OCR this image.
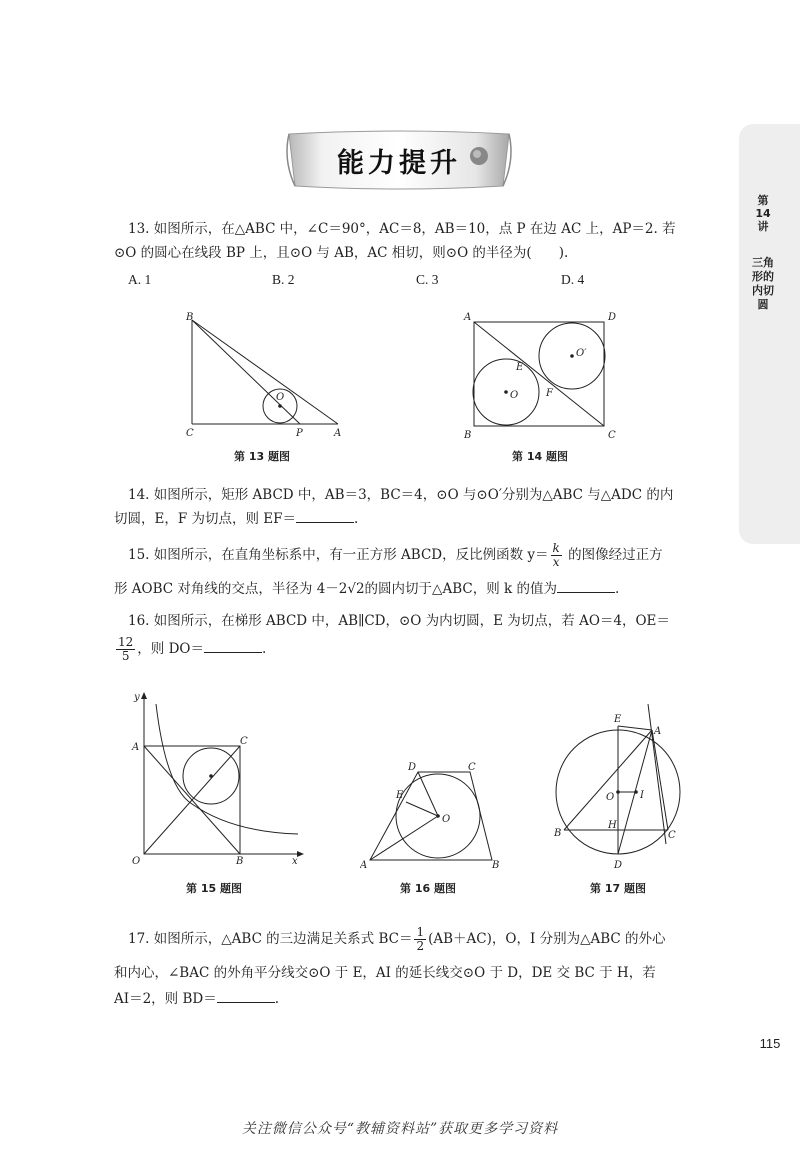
能力提升
第14讲
三角形的内切圆
13. 如图所示，在△ABC 中，∠C＝90°，AC＝8，AB＝10，点 P 在边 AC 上，AP＝2. 若
⊙O 的圆心在线段 BP 上，且⊙O 与 AB，AC 相切，则⊙O 的半径为(　　).
A. 1	B. 2	C. 3	D. 4
B
C	P	A
O
第 13 题图
A	D
B	C
E
F
O
O′
第 14 题图
14. 如图所示，矩形 ABCD 中，AB＝3，BC＝4，⊙O 与⊙O′分别为△ABC 与△ADC 的内
切圆，E，F 为切点，则 EF＝	.
15. 如图所示，在直角坐标系中，有一正方形 ABCD，反比例函数 $y= \frac{k}{x}$ 的图像经过正方
形 AOBC 对角线的交点，半径为 4－2√2的圆内切于△ABC，则 k 的值为	.
16. 如图所示，在梯形 ABCD 中，AB∥CD，⊙O 为内切圆，E 为切点，若 AO＝4，OE＝
$\frac{12}{5}$ ，则 DO＝	.
y
x
A
C
O	B
第 15 题图
D	C
E
O
A	B
第 16 题图
E
A
O	I
B
H
C
D
第 17 题图
17. 如图所示，△ABC 的三边满足关系式 $BC= \frac{1}{2} (AB+AC)$，O，I 分别为△ABC 的外心
和内心，∠BAC 的外角平分线交⊙O 于 E，AI 的延长线交⊙O 于 D，DE 交 BC 于 H，若
AI＝2，则 BD＝	.
115
关注微信公众号“教辅资料站”获取更多学习资料
